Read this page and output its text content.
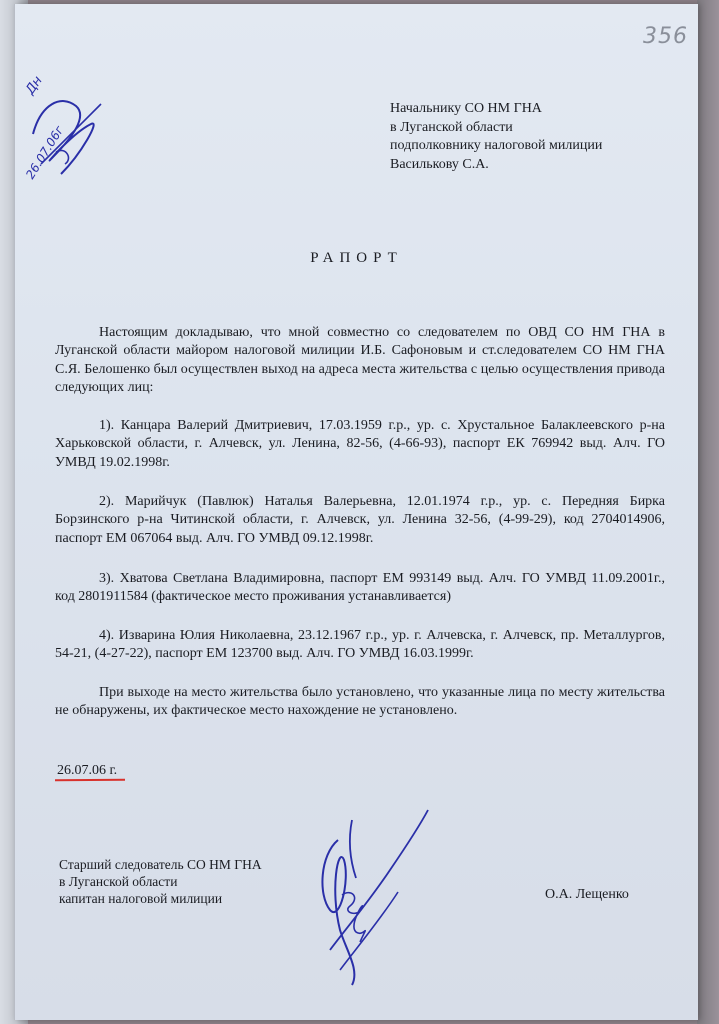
356
Дн
26.07.06г
Начальнику СО НМ ГНА
в Луганской области
подполковнику налоговой милиции
Василькову С.А.
РАПОРТ
Настоящим докладываю, что мной совместно со следователем по ОВД СО НМ ГНА в Луганской области майором налоговой милиции И.Б. Сафоновым и ст.следователем СО НМ ГНА С.Я. Белошенко был осуществлен выход на адреса места жительства с целью осуществления привода следующих лиц:
1). Канцара Валерий Дмитриевич, 17.03.1959 г.р., ур. с. Хрустальное Балаклеевского р-на Харьковской области, г. Алчевск, ул. Ленина, 82-56, (4-66-93), паспорт ЕК 769942 выд. Алч. ГО УМВД 19.02.1998г.
2). Марийчук (Павлюк) Наталья Валерьевна, 12.01.1974 г.р., ур. с. Передняя Бирка Борзинского р-на Читинской области, г. Алчевск, ул. Ленина 32-56, (4-99-29), код 2704014906, паспорт ЕМ 067064 выд. Алч. ГО УМВД 09.12.1998г.
3). Хватова Светлана Владимировна, паспорт ЕМ 993149 выд. Алч. ГО УМВД 11.09.2001г., код 2801911584 (фактическое место проживания устанавливается)
4). Изварина Юлия Николаевна, 23.12.1967 г.р., ур. г. Алчевска, г. Алчевск, пр. Металлургов, 54-21, (4-27-22), паспорт ЕМ 123700 выд. Алч. ГО УМВД 16.03.1999г.
При выходе на место жительства было установлено, что указанные лица по месту жительства не обнаружены, их фактическое место нахождение не установлено.
26.07.06 г.
Старший следователь СО НМ ГНА
в Луганской области
капитан налоговой милиции	О.А. Лещенко
